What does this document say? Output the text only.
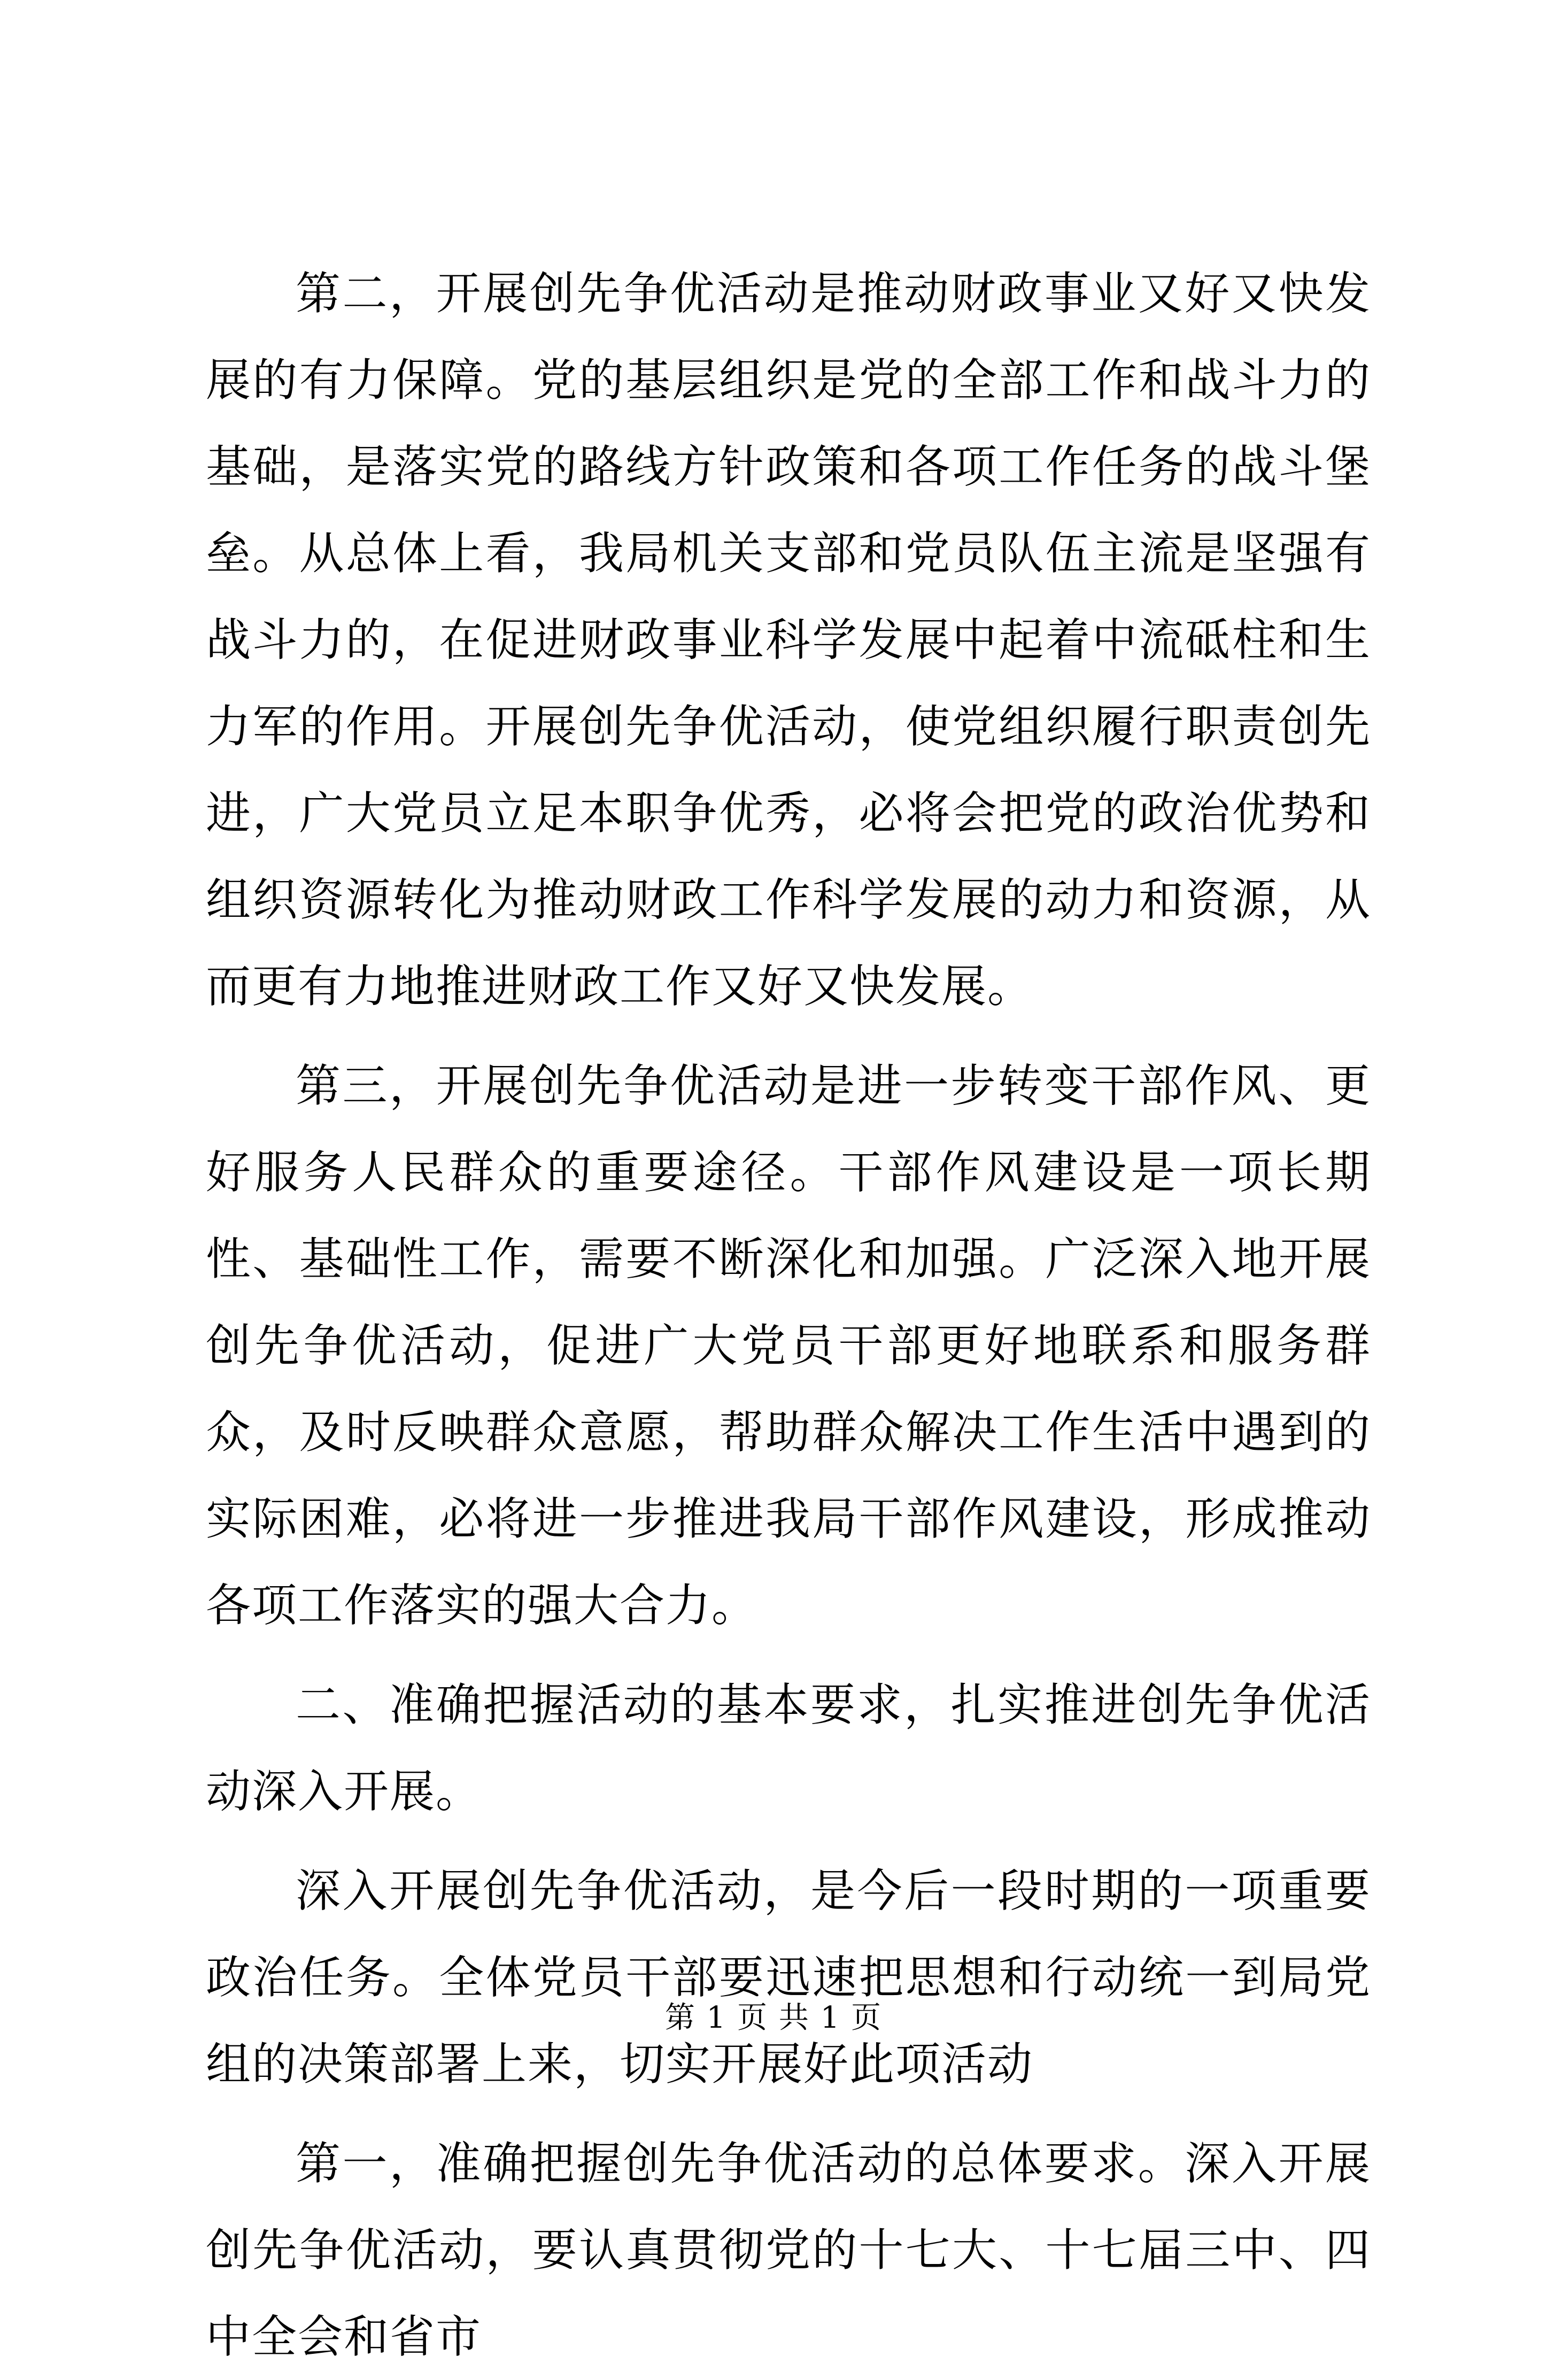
第二，开展创先争优活动是推动财政事业又好又快发展的有力保障。党的基层组织是党的全部工作和战斗力的基础，是落实党的路线方针政策和各项工作任务的战斗堡垒。从总体上看，我局机关支部和党员队伍主流是坚强有战斗力的，在促进财政事业科学发展中起着中流砥柱和生力军的作用。开展创先争优活动，使党组织履行职责创先进，广大党员立足本职争优秀，必将会把党的政治优势和组织资源转化为推动财政工作科学发展的动力和资源，从而更有力地推进财政工作又好又快发展。

第三，开展创先争优活动是进一步转变干部作风、更好服务人民群众的重要途径。干部作风建设是一项长期性、基础性工作，需要不断深化和加强。广泛深入地开展创先争优活动，促进广大党员干部更好地联系和服务群众，及时反映群众意愿，帮助群众解决工作生活中遇到的实际困难，必将进一步推进我局干部作风建设，形成推动各项工作落实的强大合力。

二、准确把握活动的基本要求，扎实推进创先争优活动深入开展。

深入开展创先争优活动，是今后一段时期的一项重要政治任务。全体党员干部要迅速把思想和行动统一到局党组的决策部署上来，切实开展好此项活动

第一，准确把握创先争优活动的总体要求。深入开展创先争优活动，要认真贯彻党的十七大、十七届三中、四中全会和省市

第 1 页 共 1 页
